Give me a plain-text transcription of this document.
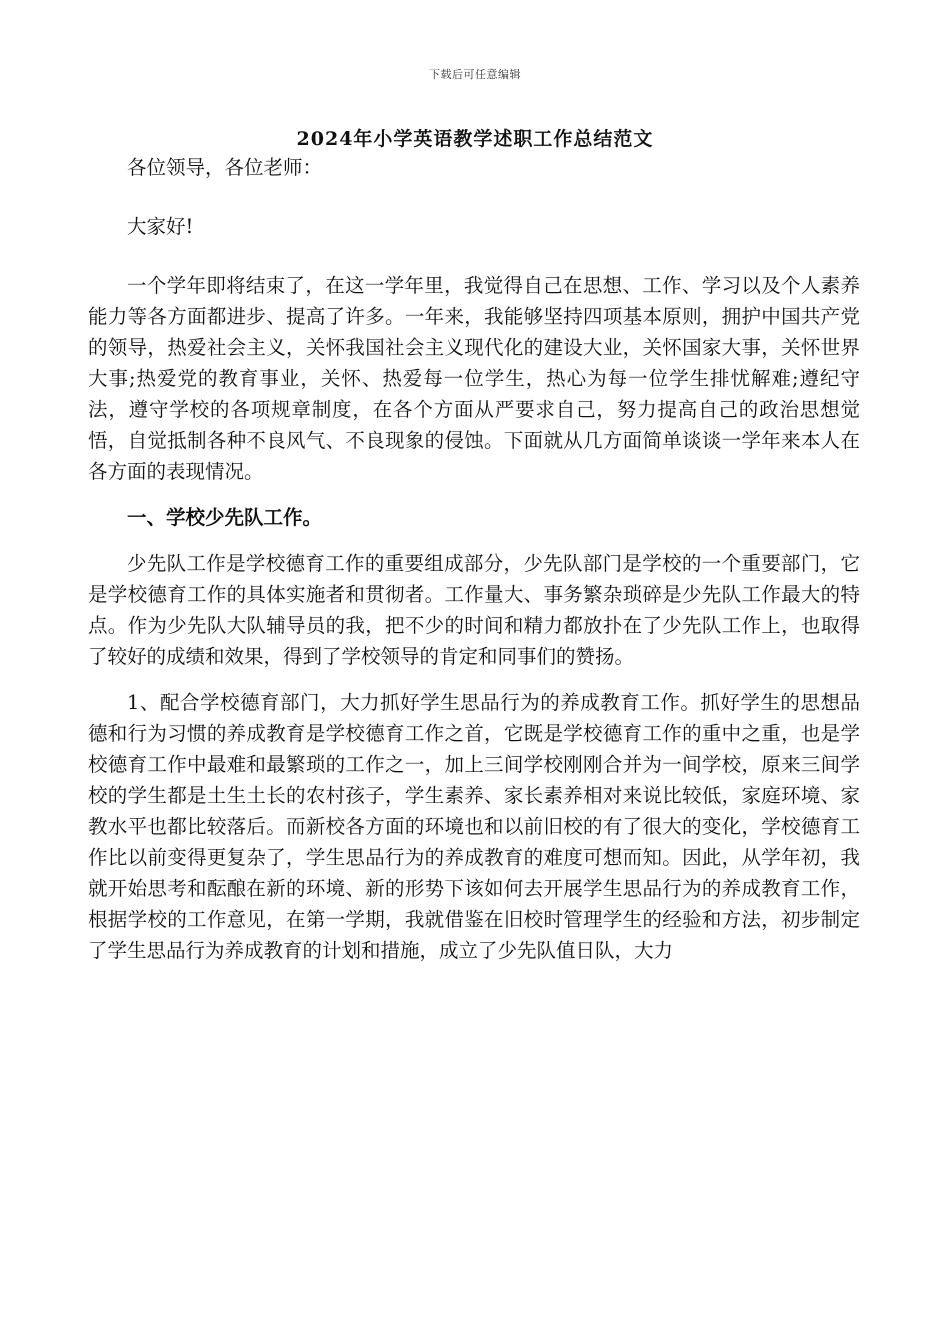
下载后可任意编辑
2024年小学英语教学述职工作总结范文

各位领导，各位老师：

大家好!

一个学年即将结束了，在这一学年里，我觉得自己在思想、工作、学习以及个人素养能力等各方面都进步、提高了许多。一年来，我能够坚持四项基本原则，拥护中国共产党的领导，热爱社会主义，关怀我国社会主义现代化的建设大业，关怀国家大事，关怀世界大事;热爱党的教育事业，关怀、热爱每一位学生，热心为每一位学生排忧解难;遵纪守法，遵守学校的各项规章制度，在各个方面从严要求自己，努力提高自己的政治思想觉悟，自觉抵制各种不良风气、不良现象的侵蚀。下面就从几方面简单谈谈一学年来本人在各方面的表现情况。

一、学校少先队工作。

少先队工作是学校德育工作的重要组成部分，少先队部门是学校的一个重要部门，它是学校德育工作的具体实施者和贯彻者。工作量大、事务繁杂琐碎是少先队工作最大的特点。作为少先队大队辅导员的我，把不少的时间和精力都放扑在了少先队工作上，也取得了较好的成绩和效果，得到了学校领导的肯定和同事们的赞扬。

1、配合学校德育部门，大力抓好学生思品行为的养成教育工作。抓好学生的思想品德和行为习惯的养成教育是学校德育工作之首，它既是学校德育工作的重中之重，也是学校德育工作中最难和最繁琐的工作之一，加上三间学校刚刚合并为一间学校，原来三间学校的学生都是土生土长的农村孩子，学生素养、家长素养相对来说比较低，家庭环境、家教水平也都比较落后。而新校各方面的环境也和以前旧校的有了很大的变化，学校德育工作比以前变得更复杂了，学生思品行为的养成教育的难度可想而知。因此，从学年初，我就开始思考和酝酿在新的环境、新的形势下该如何去开展学生思品行为的养成教育工作，根据学校的工作意见，在第一学期，我就借鉴在旧校时管理学生的经验和方法，初步制定了学生思品行为养成教育的计划和措施，成立了少先队值日队，大力
